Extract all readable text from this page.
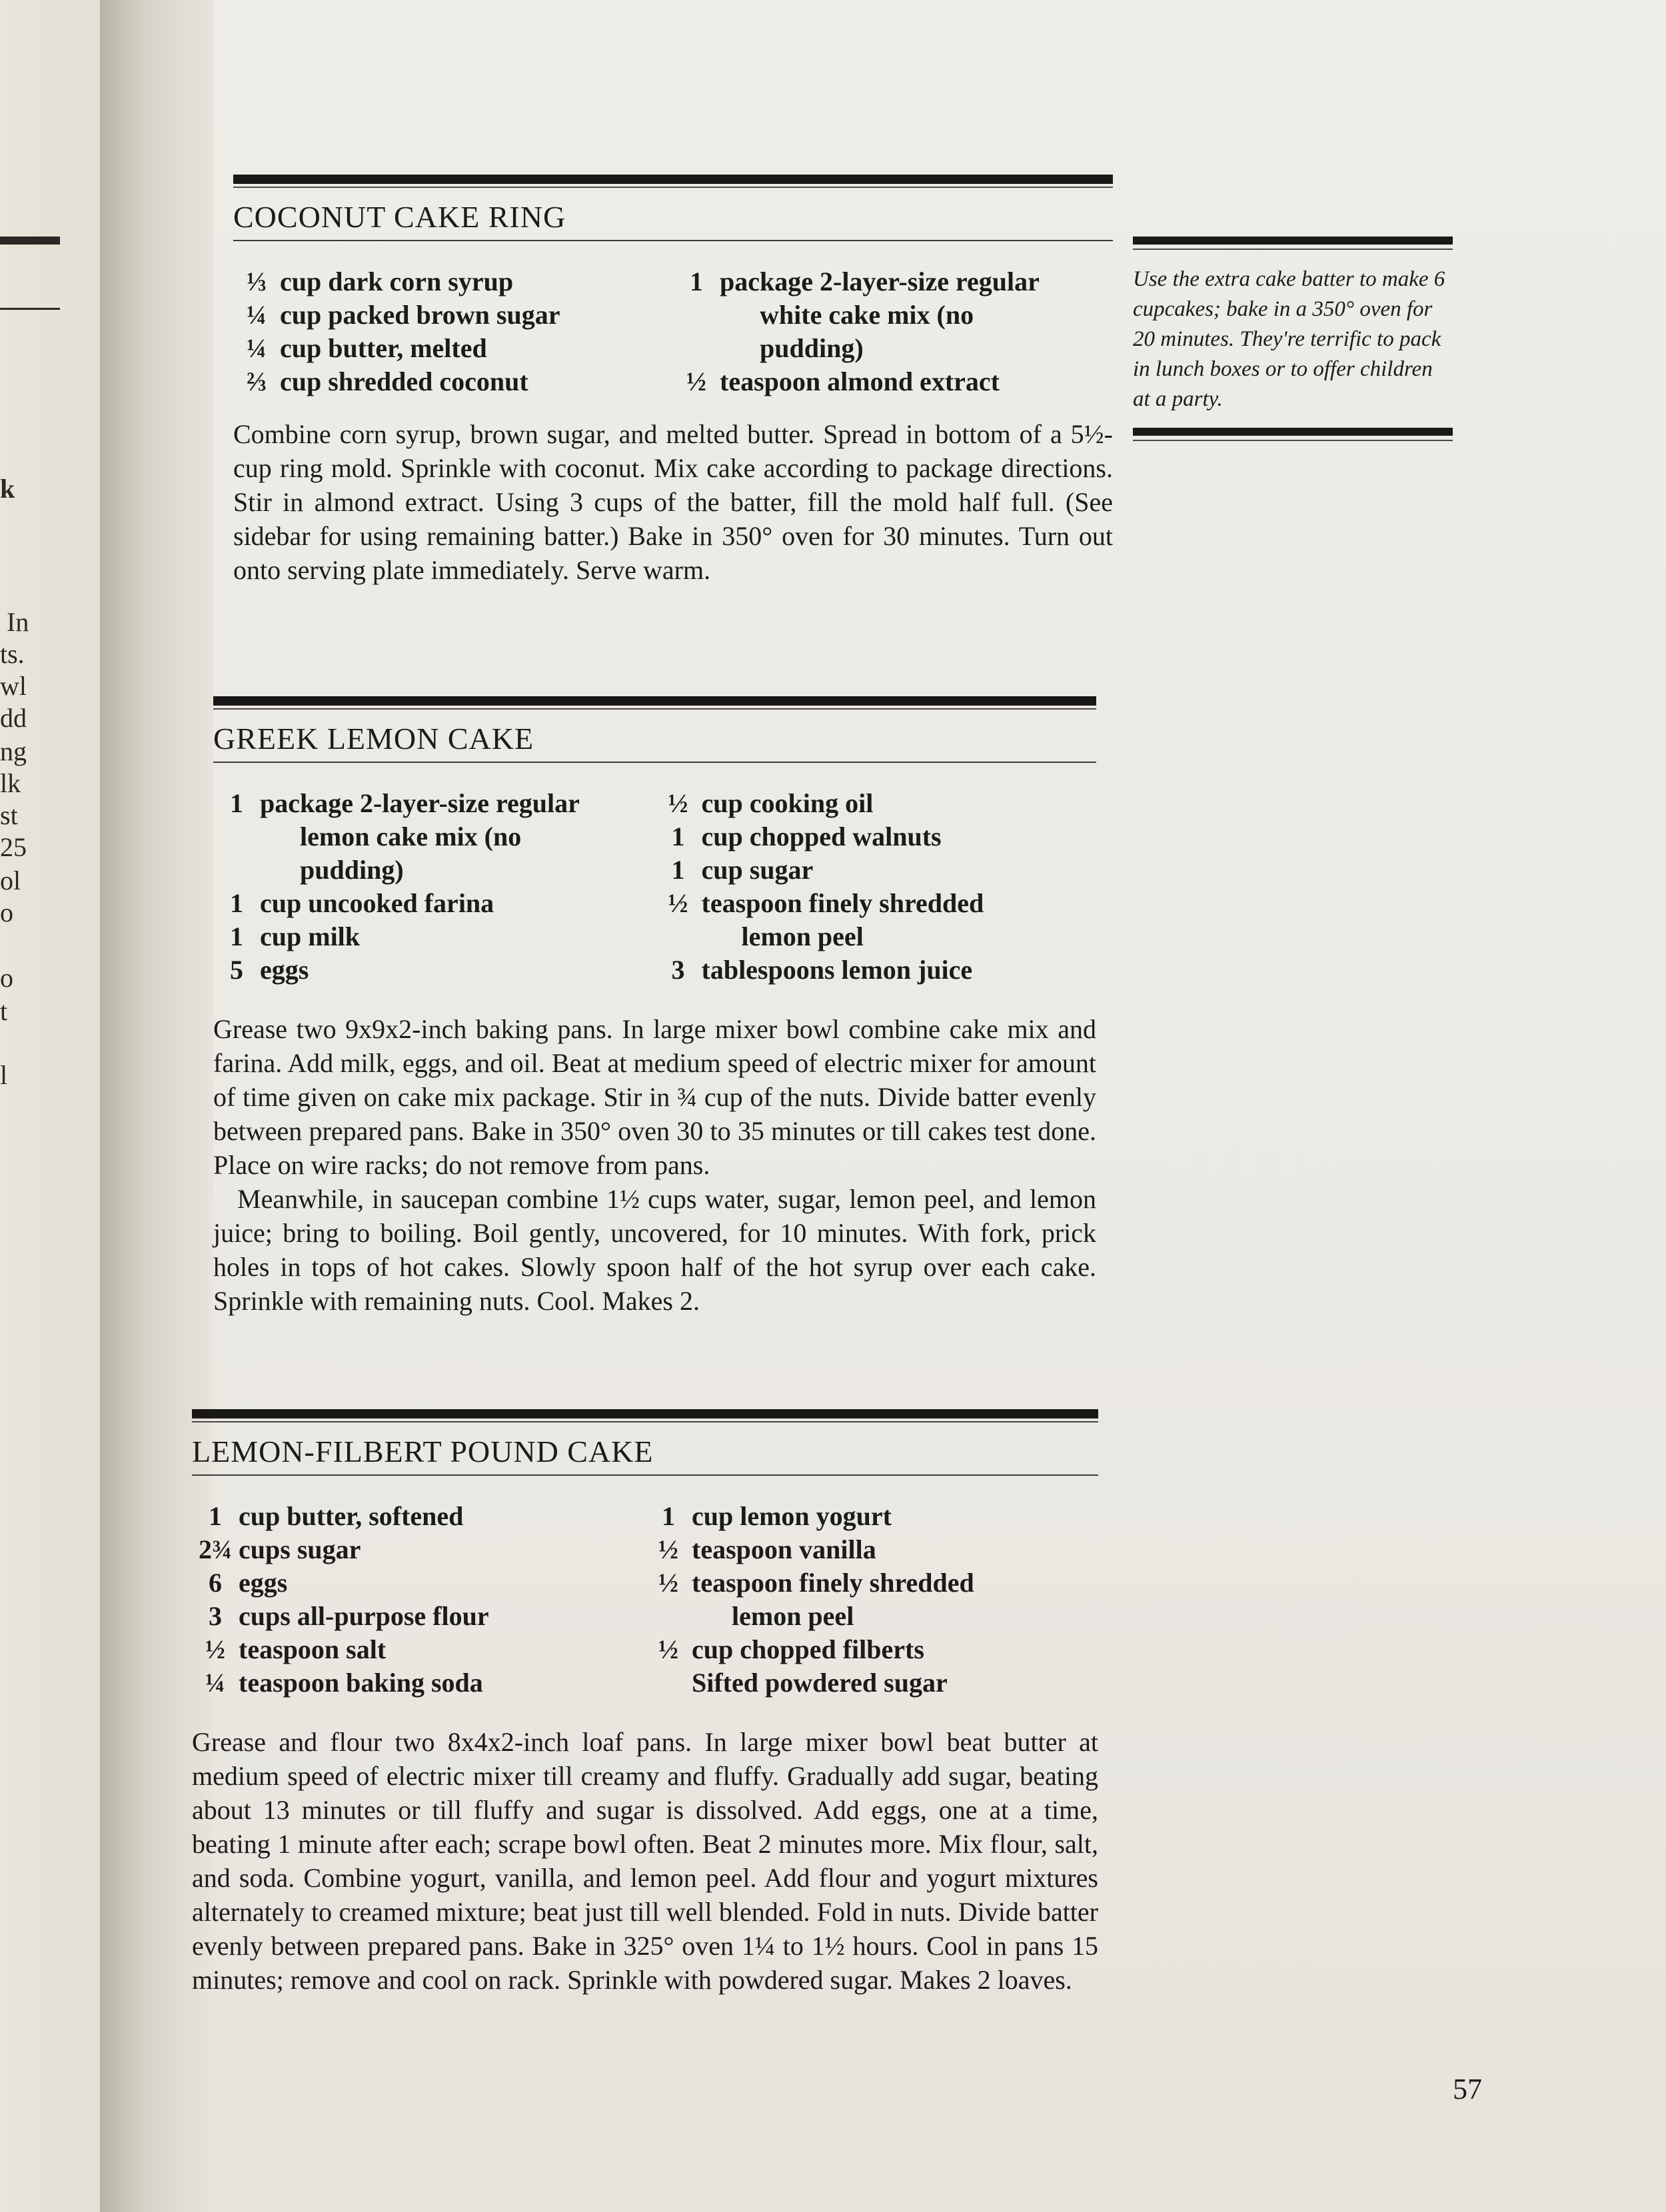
k
In
ts.
wl
dd
ng
lk
st
25
ol
o
o
t
l
COCONUT CAKE RING
⅓ cup dark corn syrup
¼ cup packed brown sugar
¼ cup butter, melted
⅔ cup shredded coconut
1 package 2-layer-size regular
white cake mix (no
pudding)
½ teaspoon almond extract

Combine corn syrup, brown sugar, and melted butter. Spread in bottom of a 5½-cup ring mold. Sprinkle with coconut. Mix cake according to package directions. Stir in almond extract. Using 3 cups of the batter, fill the mold half full. (See sidebar for using remaining batter.) Bake in 350° oven for 30 minutes. Turn out onto serving plate immediately. Serve warm.

Use the extra cake batter to make 6 cupcakes; bake in a 350° oven for 20 minutes. They're terrific to pack in lunch boxes or to offer children at a party.
GREEK LEMON CAKE
1 package 2-layer-size regular
lemon cake mix (no
pudding)
1 cup uncooked farina
1 cup milk
5 eggs
½ cup cooking oil
1 cup chopped walnuts
1 cup sugar
½ teaspoon finely shredded
lemon peel
3 tablespoons lemon juice

Grease two 9x9x2-inch baking pans. In large mixer bowl combine cake mix and farina. Add milk, eggs, and oil. Beat at medium speed of electric mixer for amount of time given on cake mix package. Stir in ¾ cup of the nuts. Divide batter evenly between prepared pans. Bake in 350° oven 30 to 35 minutes or till cakes test done. Place on wire racks; do not remove from pans.

Meanwhile, in saucepan combine 1½ cups water, sugar, lemon peel, and lemon juice; bring to boiling. Boil gently, uncovered, for 10 minutes. With fork, prick holes in tops of hot cakes. Slowly spoon half of the hot syrup over each cake. Sprinkle with remaining nuts. Cool. Makes 2.

LEMON-FILBERT POUND CAKE
1 cup butter, softened
2¾ cups sugar
6 eggs
3 cups all-purpose flour
½ teaspoon salt
¼ teaspoon baking soda
1 cup lemon yogurt
½ teaspoon vanilla
½ teaspoon finely shredded
lemon peel
½ cup chopped filberts
Sifted powdered sugar

Grease and flour two 8x4x2-inch loaf pans. In large mixer bowl beat butter at medium speed of electric mixer till creamy and fluffy. Gradually add sugar, beating about 13 minutes or till fluffy and sugar is dissolved. Add eggs, one at a time, beating 1 minute after each; scrape bowl often. Beat 2 minutes more. Mix flour, salt, and soda. Combine yogurt, vanilla, and lemon peel. Add flour and yogurt mixtures alternately to creamed mixture; beat just till well blended. Fold in nuts. Divide batter evenly between prepared pans. Bake in 325° oven 1¼ to 1½ hours. Cool in pans 15 minutes; remove and cool on rack. Sprinkle with powdered sugar. Makes 2 loaves.

57
